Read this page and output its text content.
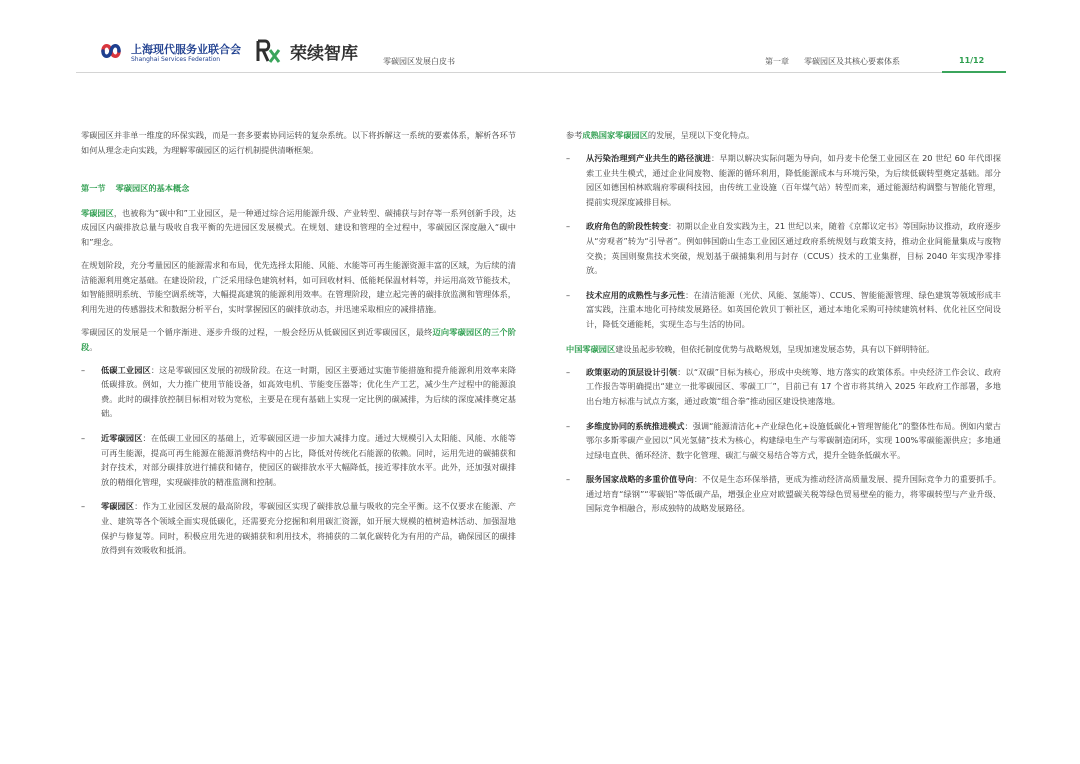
上海现代服务业联合会
Shanghai Services Federation	荣续智库	零碳园区发展白皮书	第一章 零碳园区及其核心要素体系	11/12

零碳园区并非单一维度的环保实践，而是一套多要素协同运转的复杂系统。以下将拆解这一系统的要素体系，解析各环节如何从理念走向实践，为理解零碳园区的运行机制提供清晰框架。

第一节 零碳园区的基本概念

零碳园区，也被称为“碳中和”工业园区，是一种通过综合运用能源升级、产业转型、碳捕获与封存等一系列创新手段，达成园区内碳排放总量与吸收自我平衡的先进园区发展模式。在规划、建设和管理的全过程中，零碳园区深度融入“碳中和”理念。

在规划阶段，充分考量园区的能源需求和布局，优先选择太阳能、风能、水能等可再生能源资源丰富的区域，为后续的清洁能源利用奠定基础。在建设阶段，广泛采用绿色建筑材料，如可回收材料、低能耗保温材料等，并运用高效节能技术，如智能照明系统、节能空调系统等，大幅提高建筑的能源利用效率。在管理阶段，建立起完善的碳排放监测和管理体系，利用先进的传感器技术和数据分析平台，实时掌握园区的碳排放动态，并迅速采取相应的减排措施。

零碳园区的发展是一个循序渐进、逐步升级的过程，一般会经历从低碳园区到近零碳园区，最终迈向零碳园区的三个阶段。

– 低碳工业园区：这是零碳园区发展的初级阶段。在这一时期，园区主要通过实施节能措施和提升能源利用效率来降低碳排放。例如，大力推广使用节能设备，如高效电机、节能变压器等；优化生产工艺，减少生产过程中的能源浪费。此时的碳排放控制目标相对较为宽松，主要是在现有基础上实现一定比例的碳减排，为后续的深度减排奠定基础。

– 近零碳园区：在低碳工业园区的基础上，近零碳园区进一步加大减排力度。通过大规模引入太阳能、风能、水能等可再生能源，提高可再生能源在能源消费结构中的占比，降低对传统化石能源的依赖。同时，运用先进的碳捕获和封存技术，对部分碳排放进行捕获和储存，使园区的碳排放水平大幅降低，接近零排放水平。此外，还加强对碳排放的精细化管理，实现碳排放的精准监测和控制。

– 零碳园区：作为工业园区发展的最高阶段，零碳园区实现了碳排放总量与吸收的完全平衡。这不仅要求在能源、产业、建筑等各个领域全面实现低碳化，还需要充分挖掘和利用碳汇资源，如开展大规模的植树造林活动、加强湿地保护与修复等。同时，积极应用先进的碳捕获和利用技术，将捕获的二氧化碳转化为有用的产品，确保园区的碳排放得到有效吸收和抵消。

参考成熟国家零碳园区的发展，呈现以下变化特点。

– 从污染治理到产业共生的路径演进：早期以解决实际问题为导向，如丹麦卡伦堡工业园区在 20 世纪 60 年代即探索工业共生模式，通过企业间废物、能源的循环利用，降低能源成本与环境污染，为后续低碳转型奠定基础。部分园区如德国柏林欧瑞府零碳科技园，由传统工业设施（百年煤气站）转型而来，通过能源结构调整与智能化管理，提前实现深度减排目标。

– 政府角色的阶段性转变：初期以企业自发实践为主，21 世纪以来，随着《京都议定书》等国际协议推动，政府逐步从“旁观者”转为“引导者”。例如韩国蔚山生态工业园区通过政府系统规划与政策支持，推动企业间能量集成与废物交换；英国则聚焦技术突破，规划基于碳捕集利用与封存（CCUS）技术的工业集群，目标 2040 年实现净零排放。

– 技术应用的成熟性与多元性：在清洁能源（光伏、风能、氢能等）、CCUS、智能能源管理、绿色建筑等领域形成丰富实践，注重本地化可持续发展路径。如英国伦敦贝丁顿社区，通过本地化采购可持续建筑材料、优化社区空间设计，降低交通能耗，实现生态与生活的协同。

中国零碳园区建设虽起步较晚，但依托制度优势与战略规划，呈现加速发展态势，具有以下鲜明特征。

– 政策驱动的顶层设计引领：以“双碳”目标为核心，形成中央统筹、地方落实的政策体系。中央经济工作会议、政府工作报告等明确提出“建立一批零碳园区、零碳工厂”，目前已有 17 个省市将其纳入 2025 年政府工作部署，多地出台地方标准与试点方案，通过政策“组合拳”推动园区建设快速落地。

– 多维度协同的系统推进模式：强调“能源清洁化+产业绿色化+设施低碳化+管理智能化”的整体性布局。例如内蒙古鄂尔多斯零碳产业园以“风光氢储”技术为核心，构建绿电生产与零碳制造闭环，实现 100%零碳能源供应；多地通过绿电直供、循环经济、数字化管理、碳汇与碳交易结合等方式，提升全链条低碳水平。

– 服务国家战略的多重价值导向：不仅是生态环保举措，更成为推动经济高质量发展、提升国际竞争力的重要抓手。通过培育“绿钢”“零碳铝”等低碳产品，增强企业应对欧盟碳关税等绿色贸易壁垒的能力，将零碳转型与产业升级、国际竞争相融合，形成独特的战略发展路径。
